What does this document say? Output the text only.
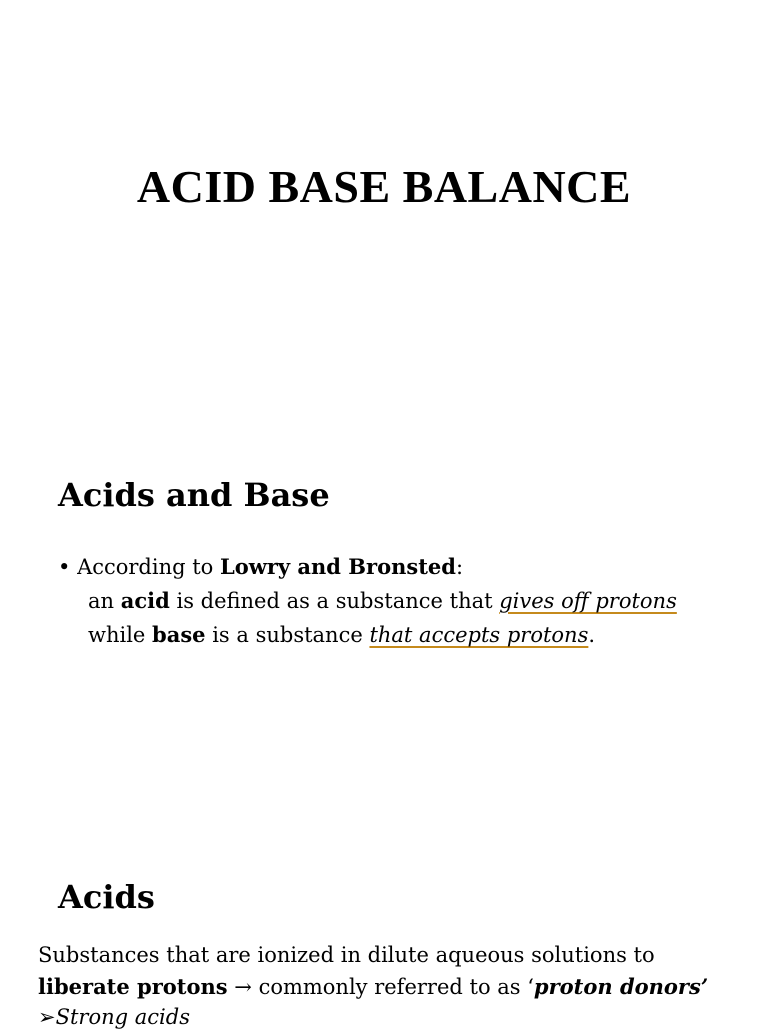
ACID BASE BALANCE
Acids and Base
• According to Lowry and Bronsted:
an acid is defined as a substance that gives off protons
while base is a substance that accepts protons.
Acids
Substances that are ionized in dilute aqueous solutions to liberate protons → commonly referred to as ‘proton donors’
➢Strong acids
